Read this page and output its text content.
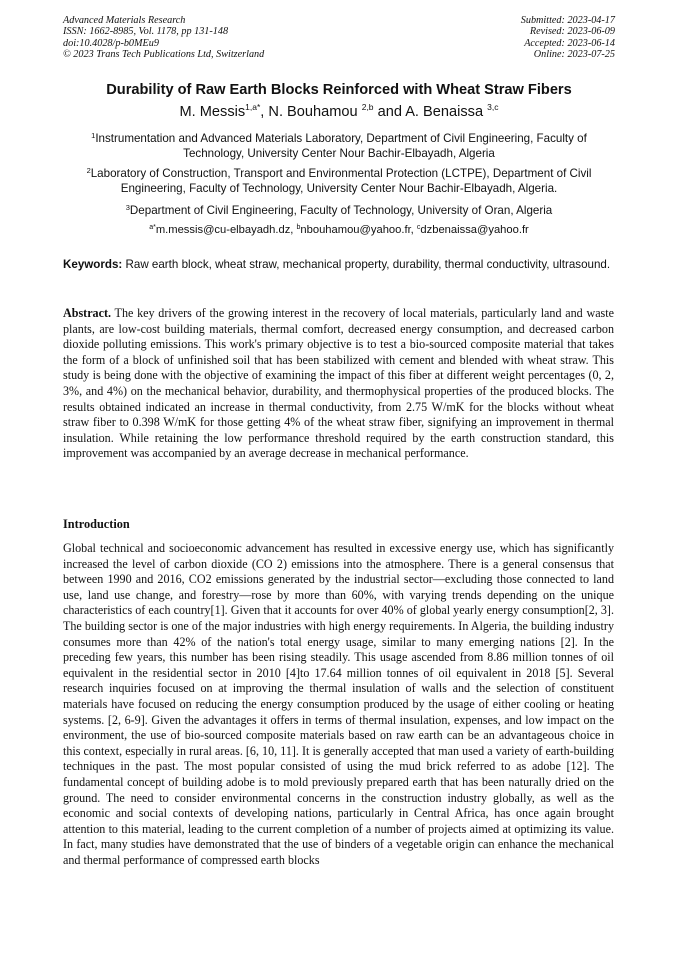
Advanced Materials Research
ISSN: 1662-8985, Vol. 1178, pp 131-148
doi:10.4028/p-b0MEu9
© 2023 Trans Tech Publications Ltd, Switzerland
Submitted: 2023-04-17
Revised: 2023-06-09
Accepted: 2023-06-14
Online: 2023-07-25
Durability of Raw Earth Blocks Reinforced with Wheat Straw Fibers
M. Messis$^{1,a*}$, N. Bouhamou $^{2,b}$ and A. Benaissa $^{3,c}$
$^1$Instrumentation and Advanced Materials Laboratory, Department of Civil Engineering, Faculty of Technology, University Center Nour Bachir-Elbayadh, Algeria
$^2$Laboratory of Construction, Transport and Environmental Protection (LCTPE), Department of Civil Engineering, Faculty of Technology, University Center Nour Bachir-Elbayadh, Algeria.
$^3$Department of Civil Engineering, Faculty of Technology, University of Oran, Algeria
$^{a*}$m.messis@cu-elbayadh.dz, $^b$nbouhamou@yahoo.fr, $^c$dzbenaissa@yahoo.fr
Keywords: Raw earth block, wheat straw, mechanical property, durability, thermal conductivity, ultrasound.
Abstract. The key drivers of the growing interest in the recovery of local materials, particularly land and waste plants, are low-cost building materials, thermal comfort, decreased energy consumption, and decreased carbon dioxide polluting emissions. This work's primary objective is to test a bio-sourced composite material that takes the form of a block of unfinished soil that has been stabilized with cement and blended with wheat straw. This study is being done with the objective of examining the impact of this fiber at different weight percentages (0, 2, 3%, and 4%) on the mechanical behavior, durability, and thermophysical properties of the produced blocks. The results obtained indicated an increase in thermal conductivity, from 2.75 W/mK for the blocks without wheat straw fiber to 0.398 W/mK for those getting 4% of the wheat straw fiber, signifying an improvement in thermal insulation. While retaining the low performance threshold required by the earth construction standard, this improvement was accompanied by an average decrease in mechanical performance.
Introduction
Global technical and socioeconomic advancement has resulted in excessive energy use, which has significantly increased the level of carbon dioxide (CO 2) emissions into the atmosphere. There is a general consensus that between 1990 and 2016, CO2 emissions generated by the industrial sector—excluding those connected to land use, land use change, and forestry—rose by more than 60%, with varying trends depending on the unique characteristics of each country[1]. Given that it accounts for over 40% of global yearly energy consumption[2, 3]. The building sector is one of the major industries with high energy requirements. In Algeria, the building industry consumes more than 42% of the nation's total energy usage, similar to many emerging nations [2]. In the preceding few years, this number has been rising steadily. This usage ascended from 8.86 million tonnes of oil equivalent in the residential sector in 2010 [4]to 17.64 million tonnes of oil equivalent in 2018 [5]. Several research inquiries focused on at improving the thermal insulation of walls and the selection of constituent materials have focused on reducing the energy consumption produced by the usage of either cooling or heating systems. [2, 6-9]. Given the advantages it offers in terms of thermal insulation, expenses, and low impact on the environment, the use of bio-sourced composite materials based on raw earth can be an advantageous choice in this context, especially in rural areas. [6, 10, 11]. It is generally accepted that man used a variety of earth-building techniques in the past. The most popular consisted of using the mud brick referred to as adobe [12]. The fundamental concept of building adobe is to mold previously prepared earth that has been naturally dried on the ground. The need to consider environmental concerns in the construction industry globally, as well as the economic and social contexts of developing nations, particularly in Central Africa, has once again brought attention to this material, leading to the current completion of a number of projects aimed at optimizing its value. In fact, many studies have demonstrated that the use of binders of a vegetable origin can enhance the mechanical and thermal performance of compressed earth blocks
